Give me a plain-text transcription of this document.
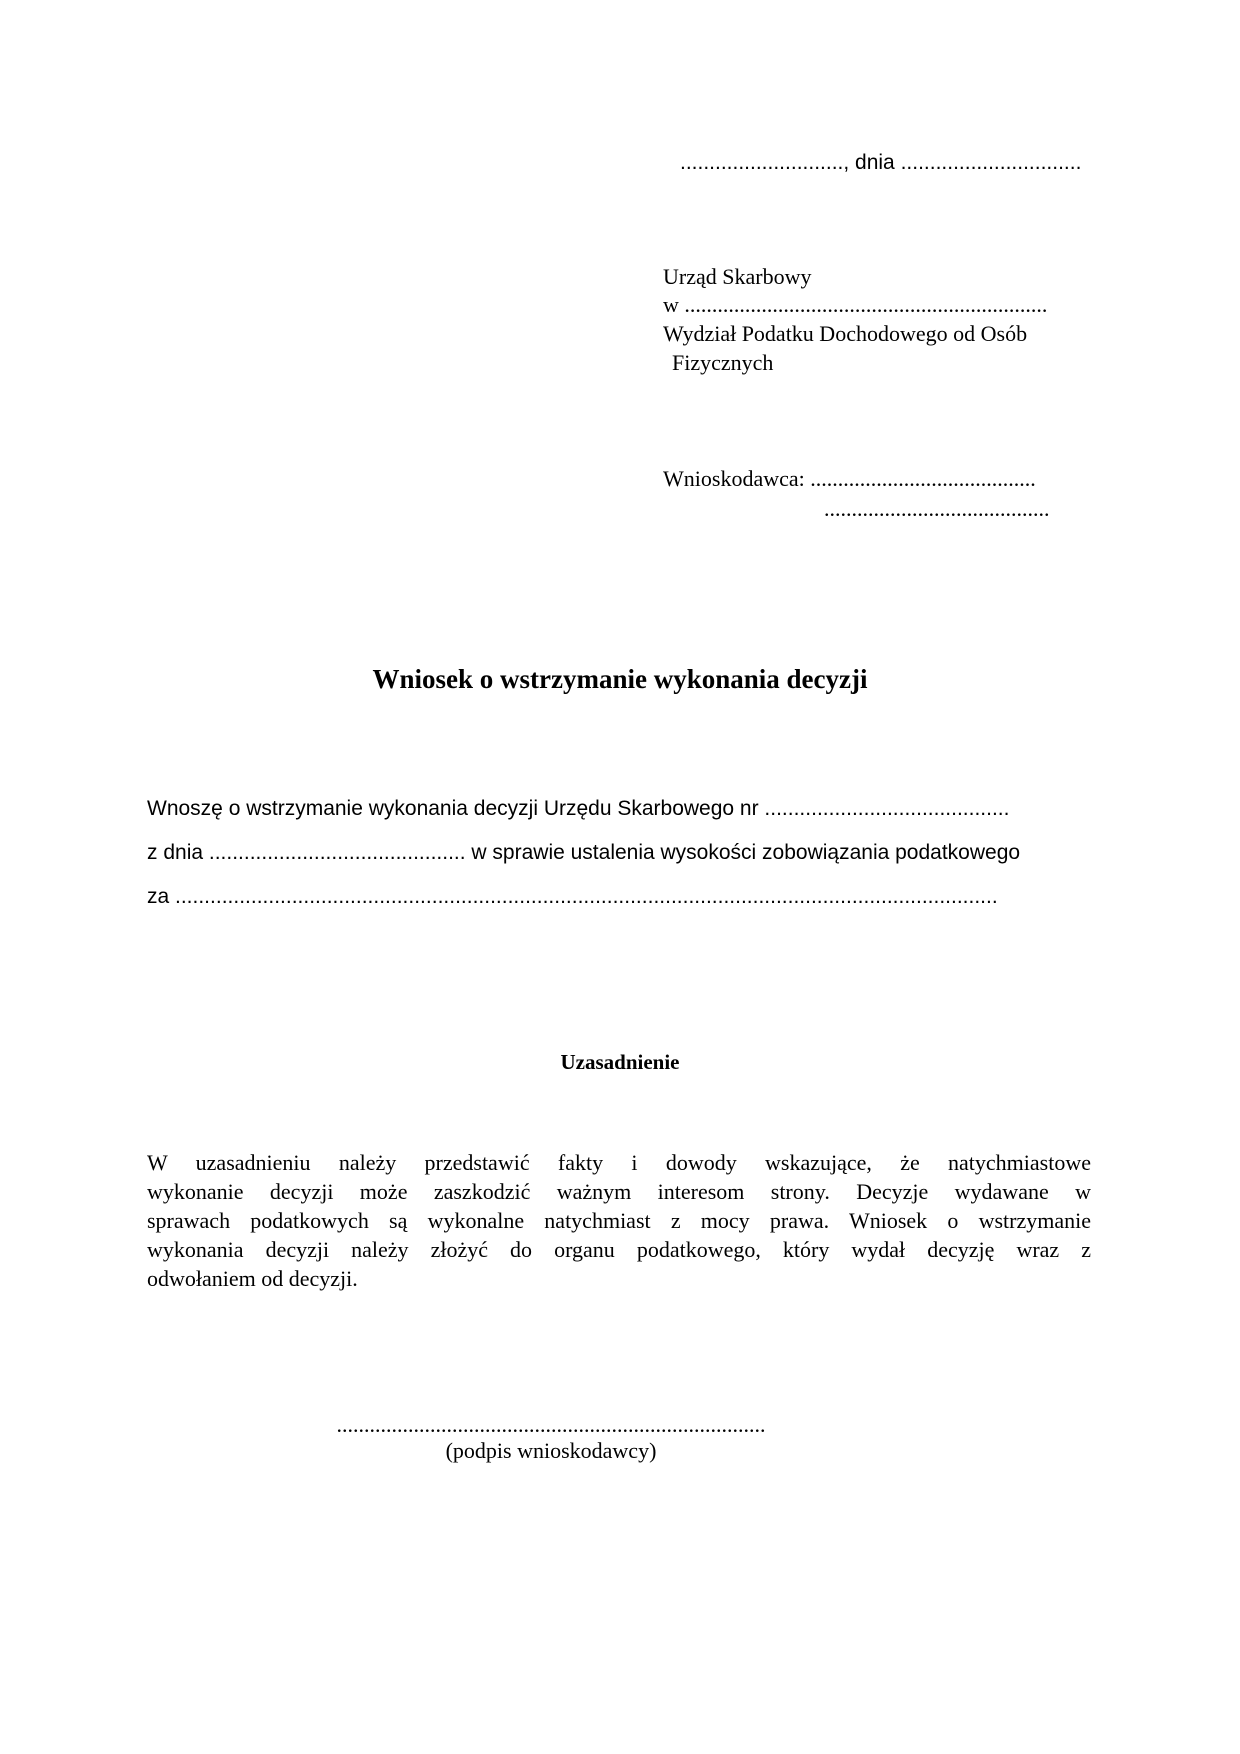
............................, dnia ...............................
Urząd Skarbowy
w ..................................................................
Wydział Podatku Dochodowego od Osób
Fizycznych
Wnioskodawca: .........................................
.........................................
Wniosek o wstrzymanie wykonania decyzji
Wnoszę o wstrzymanie wykonania decyzji Urzędu Skarbowego nr ..........................................
z dnia ............................................ w sprawie ustalenia wysokości zobowiązania podatkowego
za .............................................................................................................................................
Uzasadnienie
W uzasadnieniu należy przedstawić fakty i dowody wskazujące, że natychmiastowe
wykonanie decyzji może zaszkodzić ważnym interesom strony. Decyzje wydawane w
sprawach podatkowych są wykonalne natychmiast z mocy prawa. Wniosek o wstrzymanie
wykonania decyzji należy złożyć do organu podatkowego, który wydał decyzję wraz z
odwołaniem od decyzji.
..............................................................................
(podpis wnioskodawcy)
